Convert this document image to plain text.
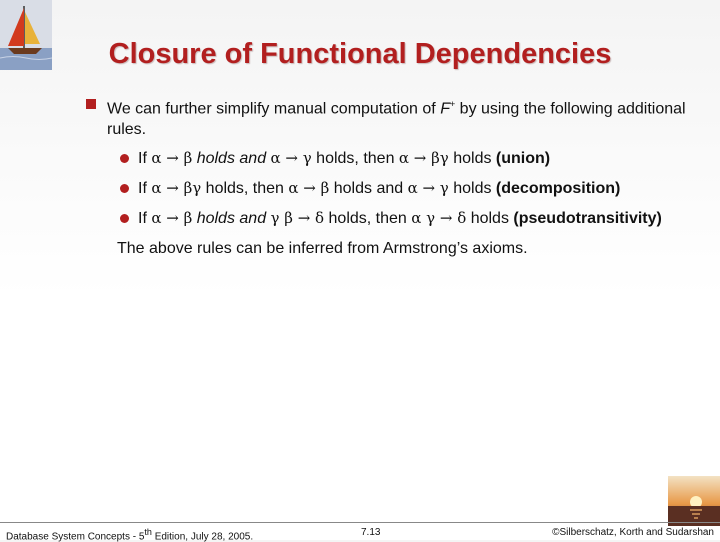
Closure of Functional Dependencies
We can further simplify manual computation of F+ by using the following additional rules.
If α → β holds and α → γ holds, then α → βγ holds (union)
If α → βγ holds, then α → β holds and α → γ holds (decomposition)
If α → β holds and γ β → δ holds, then α γ → δ holds (pseudotransitivity)
The above rules can be inferred from Armstrong’s axioms.
Database System Concepts - 5th Edition, July 28, 2005.	7.13	©Silberschatz, Korth and Sudarshan
